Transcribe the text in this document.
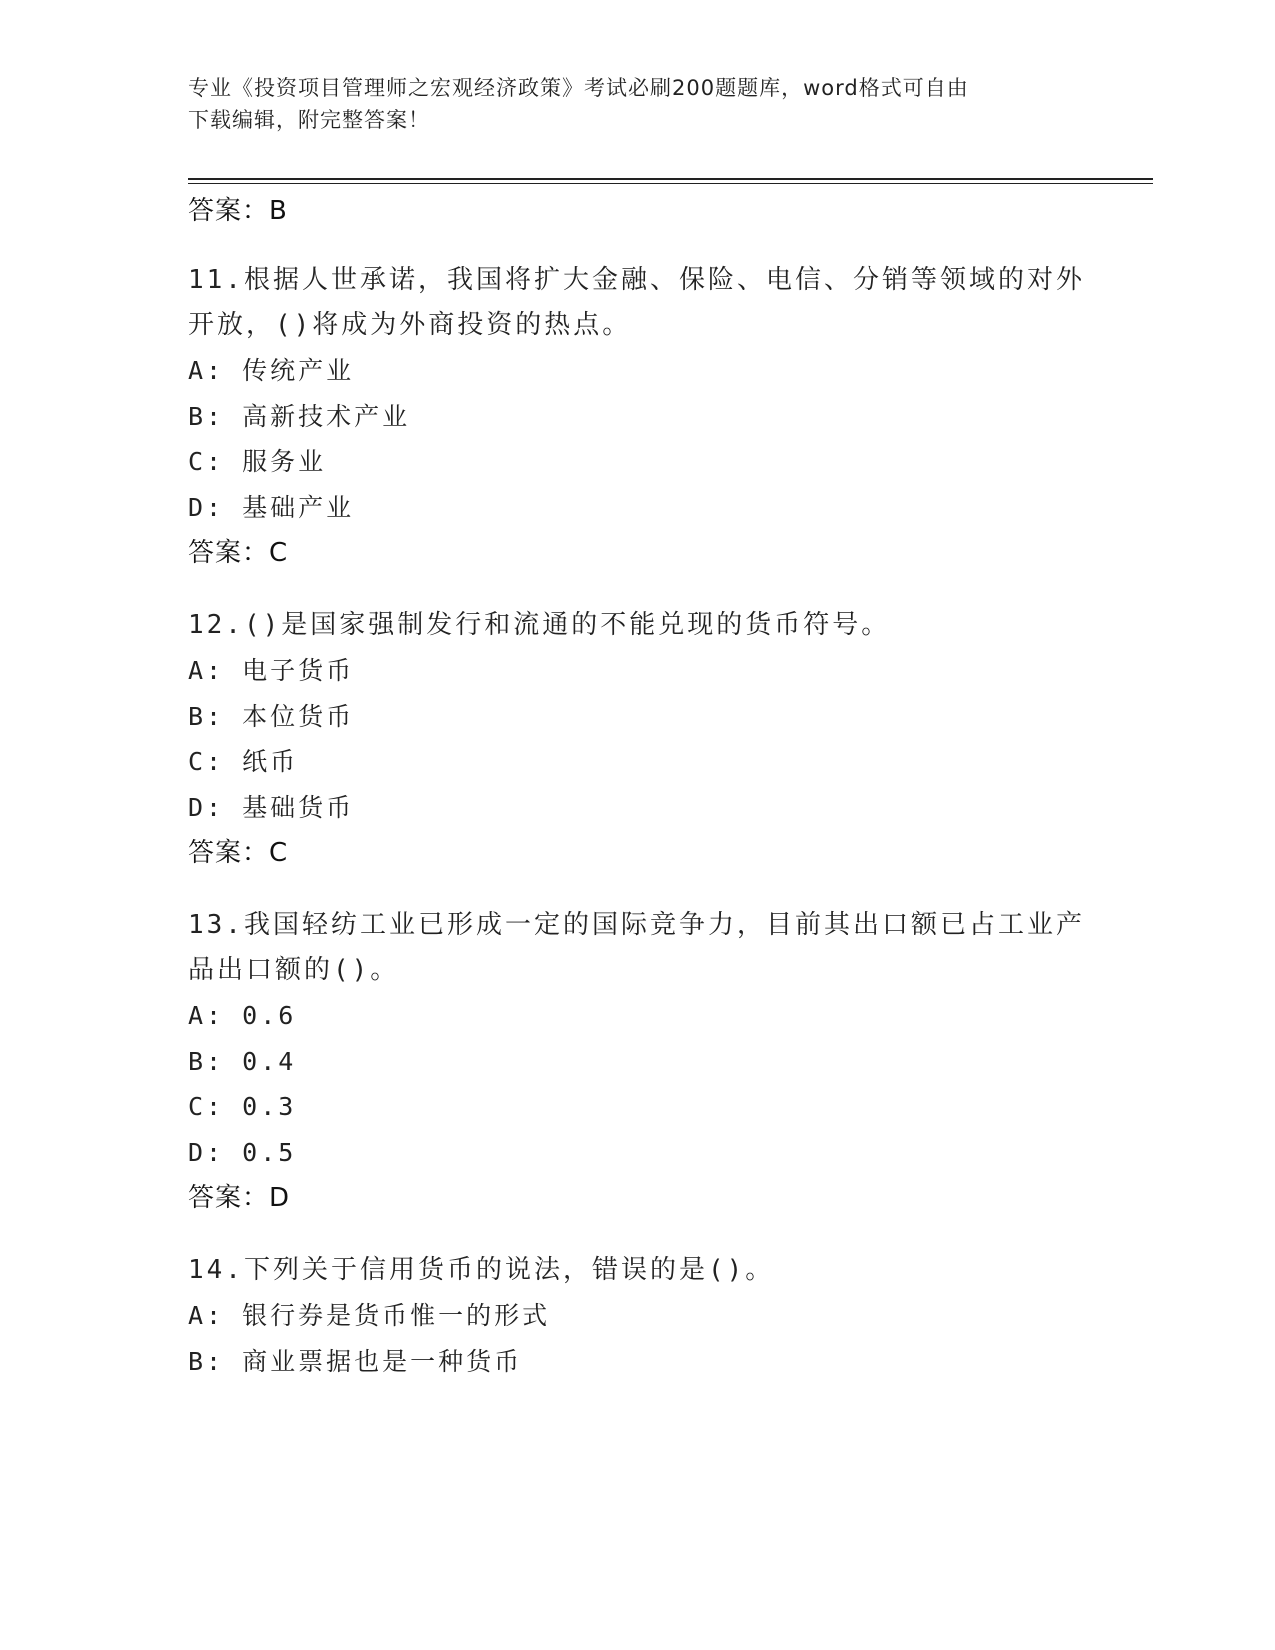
专业《投资项目管理师之宏观经济政策》考试必刷200题题库，word格式可自由
下载编辑，附完整答案！

答案：B

11.根据人世承诺，我国将扩大金融、保险、电信、分销等领域的对外

开放，()将成为外商投资的热点。

A: 传统产业

B: 高新技术产业

C: 服务业

D: 基础产业

答案：C

12.()是国家强制发行和流通的不能兑现的货币符号。

A: 电子货币

B: 本位货币

C: 纸币

D: 基础货币

答案：C

13.我国轻纺工业已形成一定的国际竞争力，目前其出口额已占工业产

品出口额的()。

A: 0.6

B: 0.4

C: 0.3

D: 0.5

答案：D

14.下列关于信用货币的说法，错误的是()。

A: 银行券是货币惟一的形式

B: 商业票据也是一种货币
